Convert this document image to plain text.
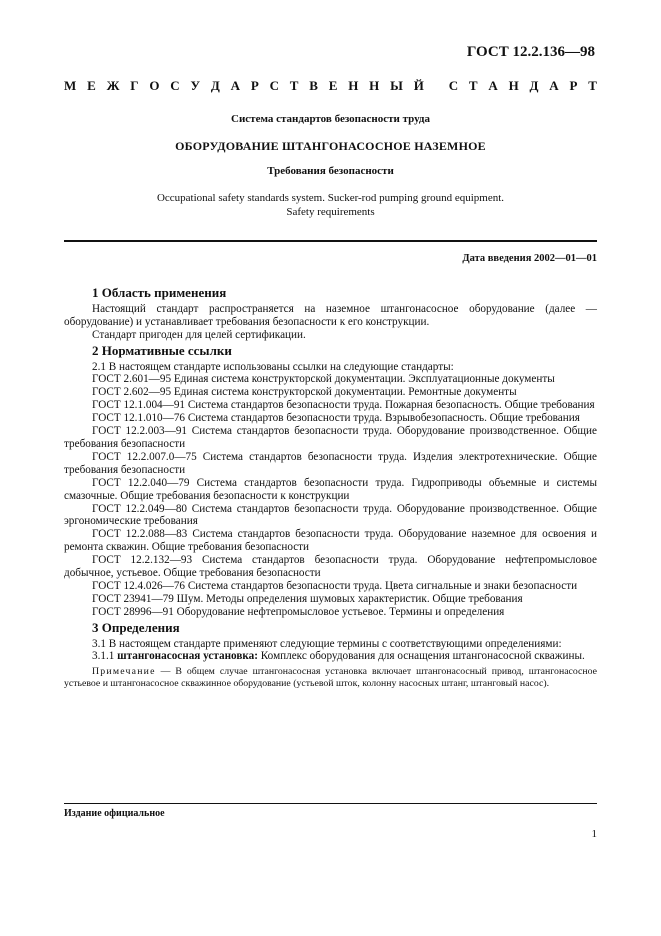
ГОСТ 12.2.136—98
М Е Ж Г О С У Д А Р С Т В Е Н Н Ы Й
С Т А Н Д А Р Т
Система стандартов безопасности труда
ОБОРУДОВАНИЕ ШТАНГОНАСОСНОЕ НАЗЕМНОЕ
Требования безопасности
Occupational safety standards system. Sucker-rod pumping ground equipment.
Safety requirements
Дата введения 2002—01—01
1 Область применения

Настоящий стандарт распространяется на наземное штангонасосное оборудование (далее — оборудование) и устанавливает требования безопасности к его конструкции.

Стандарт пригоден для целей сертификации.

2 Нормативные ссылки

2.1 В настоящем стандарте использованы ссылки на следующие стандарты:

ГОСТ 2.601—95 Единая система конструкторской документации. Эксплуатационные документы

ГОСТ 2.602—95 Единая система конструкторской документации. Ремонтные документы

ГОСТ 12.1.004—91 Система стандартов безопасности труда. Пожарная безопасность. Общие требования

ГОСТ 12.1.010—76 Система стандартов безопасности труда. Взрывобезопасность. Общие требования

ГОСТ 12.2.003—91 Система стандартов безопасности труда. Оборудование производственное. Общие требования безопасности

ГОСТ 12.2.007.0—75 Система стандартов безопасности труда. Изделия электротехнические. Общие требования безопасности

ГОСТ 12.2.040—79 Система стандартов безопасности труда. Гидроприводы объемные и системы смазочные. Общие требования безопасности к конструкции

ГОСТ 12.2.049—80 Система стандартов безопасности труда. Оборудование производственное. Общие эргономические требования

ГОСТ 12.2.088—83 Система стандартов безопасности труда. Оборудование наземное для освоения и ремонта скважин. Общие требования безопасности

ГОСТ 12.2.132—93 Система стандартов безопасности труда. Оборудование нефтепромысловое добычное, устьевое. Общие требования безопасности

ГОСТ 12.4.026—76 Система стандартов безопасности труда. Цвета сигнальные и знаки безопасности

ГОСТ 23941—79 Шум. Методы определения шумовых характеристик. Общие требования

ГОСТ 28996—91 Оборудование нефтепромысловое устьевое. Термины и определения

3 Определения

3.1 В настоящем стандарте применяют следующие термины с соответствующими определениями:

3.1.1 штангонасосная установка: Комплекс оборудования для оснащения штангонасосной скважины.

Примечание — В общем случае штангонасосная установка включает штангонасосный привод, штангонасосное устьевое и штангонасосное скважинное оборудование (устьевой шток, колонну насосных штанг, штанговый насос).

Издание официальное
1
